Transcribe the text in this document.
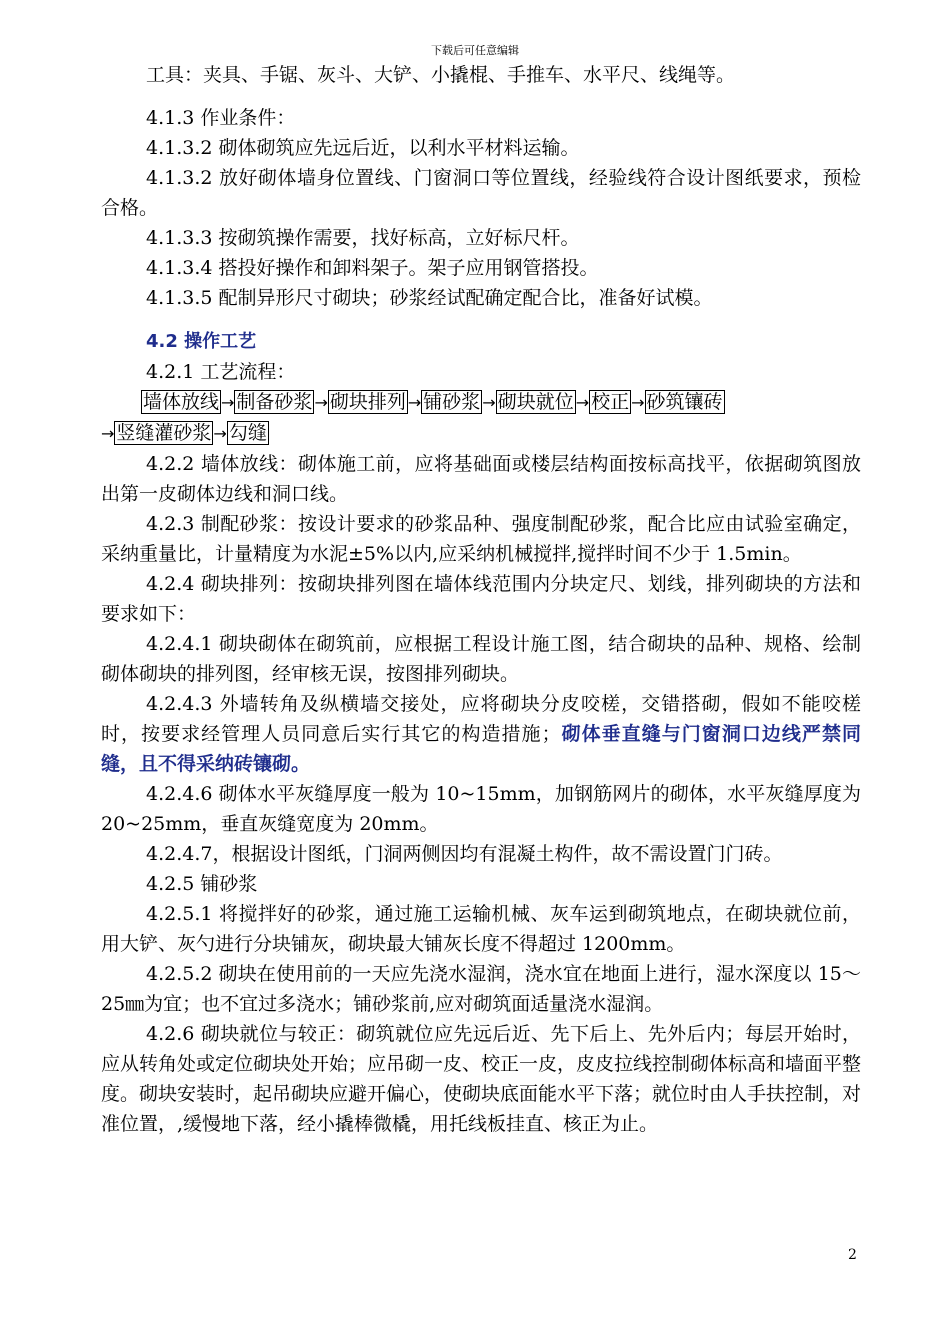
下载后可任意编辑

工具：夹具、手锯、灰斗、大铲、小撬棍、手推车、水平尺、线绳等。

4.1.3 作业条件：

4.1.3.2 砌体砌筑应先远后近，以利水平材料运输。

4.1.3.2 放好砌体墙身位置线、门窗洞口等位置线，经验线符合设计图纸要求，预检合格。

4.1.3.3 按砌筑操作需要，找好标高，立好标尺杆。

4.1.3.4 搭投好操作和卸料架子。架子应用钢管搭投。

4.1.3.5 配制异形尺寸砌块；砂浆经试配确定配合比，准备好试模。

4.2 操作工艺

4.2.1 工艺流程：

墙体放线 → 制备砂浆 → 砌块排列 → 铺砂浆 → 砌块就位 → 校正 → 砂筑镶砖

→ 竖缝灌砂浆 → 勾缝

4.2.2 墙体放线：砌体施工前，应将基础面或楼层结构面按标高找平，依据砌筑图放出第一皮砌体边线和洞口线。

4.2.3 制配砂浆：按设计要求的砂浆品种、强度制配砂浆，配合比应由试验室确定，采纳重量比，计量精度为水泥±5%以内,应采纳机械搅拌,搅拌时间不少于 1.5min。

4.2.4 砌块排列：按砌块排列图在墙体线范围内分块定尺、划线，排列砌块的方法和要求如下：

4.2.4.1 砌块砌体在砌筑前，应根据工程设计施工图，结合砌块的品种、规格、绘制砌体砌块的排列图，经审核无误，按图排列砌块。

4.2.4.3 外墙转角及纵横墙交接处，应将砌块分皮咬槎，交错搭砌，假如不能咬槎时，按要求经管理人员同意后实行其它的构造措施；砌体垂直缝与门窗洞口边线严禁同缝，且不得采纳砖镶砌。

4.2.4.6 砌体水平灰缝厚度一般为 10~15mm，加钢筋网片的砌体，水平灰缝厚度为 20~25mm，垂直灰缝宽度为 20mm。

4.2.4.7，根据设计图纸，门洞两侧因均有混凝土构件，故不需设置门门砖。

4.2.5 铺砂浆

4.2.5.1 将搅拌好的砂浆，通过施工运输机械、灰车运到砌筑地点，在砌块就位前，用大铲、灰勺进行分块铺灰，砌块最大铺灰长度不得超过 1200mm。

4.2.5.2 砌块在使用前的一天应先浇水湿润，浇水宜在地面上进行，湿水深度以 15～25㎜为宜；也不宜过多浇水；铺砂浆前,应对砌筑面适量浇水湿润。

4.2.6 砌块就位与较正：砌筑就位应先远后近、先下后上、先外后内；每层开始时，应从转角处或定位砌块处开始；应吊砌一皮、校正一皮，皮皮拉线控制砌体标高和墙面平整度。砌块安装时，起吊砌块应避开偏心，使砌块底面能水平下落；就位时由人手扶控制，对准位置，,缓慢地下落，经小撬棒微橇，用托线板挂直、核正为止。

2
